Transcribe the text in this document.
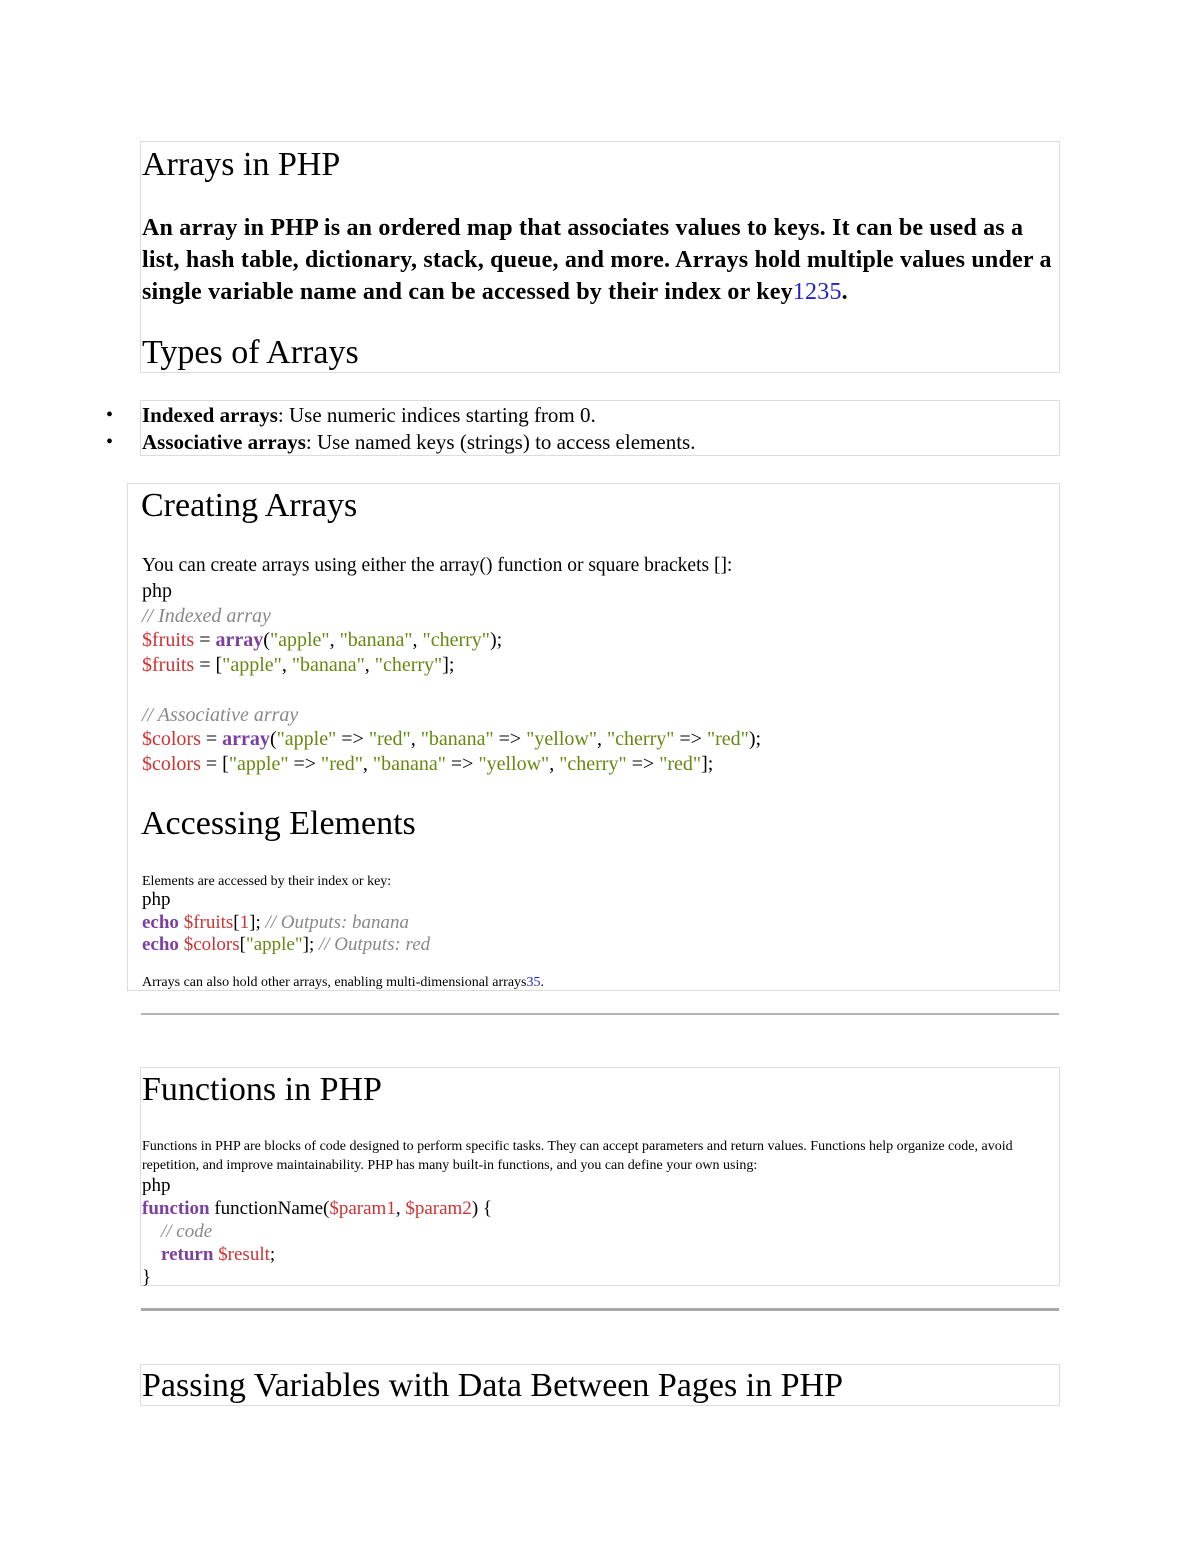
Arrays in PHP

An array in PHP is an ordered map that associates values to keys. It can be used as a list, hash table, dictionary, stack, queue, and more. Arrays hold multiple values under a single variable name and can be accessed by their index or key1235.

Types of Arrays
• Indexed arrays: Use numeric indices starting from 0.
• Associative arrays: Use named keys (strings) to access elements.
Creating Arrays

You can create arrays using either the array() function or square brackets []:

php
// Indexed array
$fruits = array("apple", "banana", "cherry");
$fruits = ["apple", "banana", "cherry"];
// Associative array
$colors = array("apple" => "red", "banana" => "yellow", "cherry" => "red");
$colors = ["apple" => "red", "banana" => "yellow", "cherry" => "red"];
Accessing Elements

Elements are accessed by their index or key:

php
echo $fruits[1]; // Outputs: banana
echo $colors["apple"]; // Outputs: red

Arrays can also hold other arrays, enabling multi-dimensional arrays35.

Functions in PHP

Functions in PHP are blocks of code designed to perform specific tasks. They can accept parameters and return values. Functions help organize code, avoid repetition, and improve maintainability. PHP has many built-in functions, and you can define your own using:

php
function functionName($param1, $param2) {
// code
return $result;
}
Passing Variables with Data Between Pages in PHP
